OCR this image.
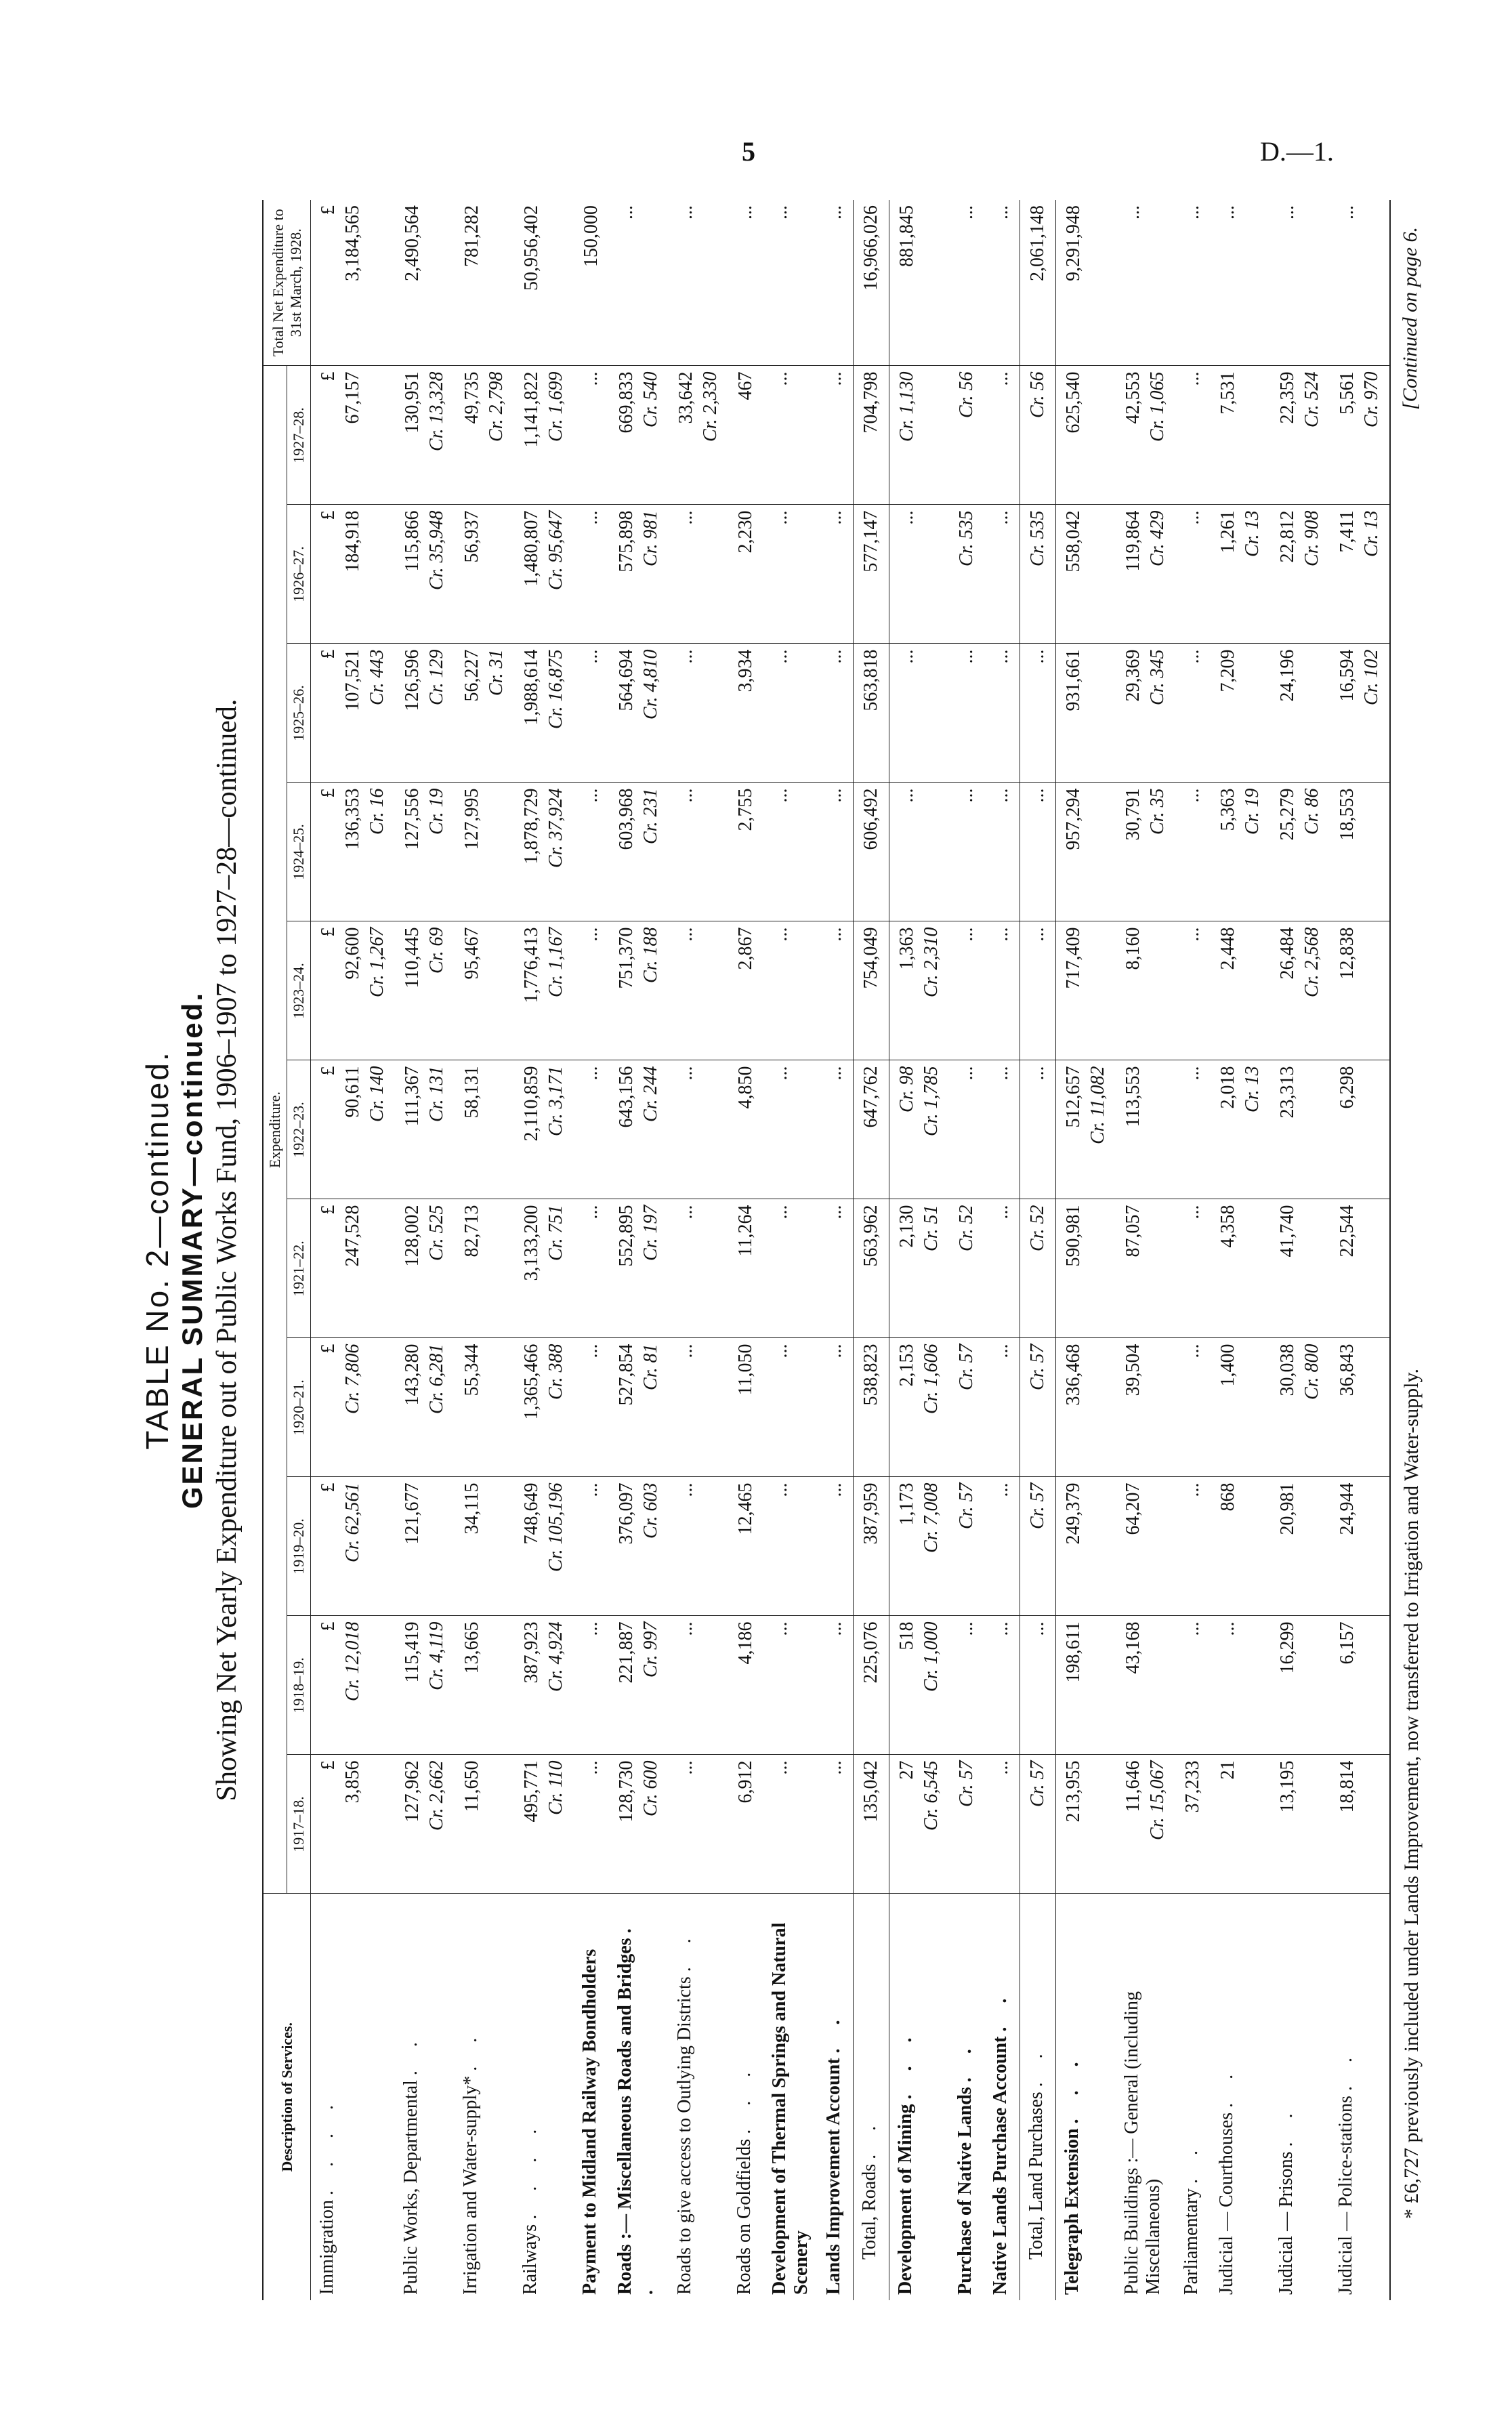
5	D.—1.
TABLE No. 2—continued. GENERAL SUMMARY—continued. Showing Net Yearly Expenditure out of Public Works Fund, 1906–1907 to 1927–28—continued.
Description of Services.	Expenditure.											Total Net Expenditure to 31st March, 1928.
	1917–18.	1918–19.	1919–20.	1920–21.	1921–22.	1922–23.	1923–24.	1924–25.	1925–26.	1926–27.	1927–28.	
Immigration . . . .	£ 3,856	£ Cr. 12,018	£ Cr. 62,561	£ Cr. 7,806	£ 247,528	£ 90,611 Cr. 140	£ 92,600 Cr. 1,267	£ 136,353 Cr. 16	£ 107,521 Cr. 443	£ 184,918	£ 67,157	£ 3,184,565

Public Works, Departmental . .	127,962 Cr. 2,662	115,419 Cr. 4,119	121,677	143,280 Cr. 6,281	128,002 Cr. 525	111,367 Cr. 131	110,445 Cr. 69	127,556 Cr. 19	126,596 Cr. 129	115,866 Cr. 35,948	130,951 Cr. 13,328	2,490,564

Irrigation and Water-supply* . .	11,650	13,665	34,115	55,344	82,713	58,131	95,467	127,995	56,227 Cr. 31	56,937	49,735 Cr. 2,798	781,282

Railways . . . .	495,771 Cr. 110	387,923 Cr. 4,924	748,649 Cr. 105,196	1,365,466 Cr. 388	3,133,200 Cr. 751	2,110,859 Cr. 3,171	1,776,413 Cr. 1,167	1,878,729 Cr. 37,924	1,988,614 Cr. 16,875	1,480,807 Cr. 95,647	1,141,822 Cr. 1,699	50,956,402

Payment to Midland Railway Bondholders	...	...	...	...	...	...	...	...	...	...	...	150,000

Roads :— Miscellaneous Roads and Bridges . .	128,730 Cr. 600	221,887 Cr. 997	376,097 Cr. 603	527,854 Cr. 81	552,895 Cr. 197	643,156 Cr. 244	751,370 Cr. 188	603,968 Cr. 231	564,694 Cr. 4,810	575,898 Cr. 981	669,833 Cr. 540	...

Roads to give access to Outlying Districts . .	...	...	...	...	...	...	...	...	...	...	33,642 Cr. 2,330	...

Roads on Goldfields . . .	6,912	4,186	12,465	11,050	11,264	4,850	2,867	2,755	3,934	2,230	467	...

Development of Thermal Springs and Natural Scenery	...	...	...	...	...	...	...	...	...	...	...	...

Lands Improvement Account . .	...	...	...	...	...	...	...	...	...	...	...	...

Total, Roads . .	135,042	225,076	387,959	538,823	563,962	647,762	754,049	606,492	563,818	577,147	704,798	16,966,026

Development of Mining . . .	27 Cr. 6,545	518 Cr. 1,000	1,173 Cr. 7,008	2,153 Cr. 1,606	2,130 Cr. 51	Cr. 98 Cr. 1,785	1,363 Cr. 2,310	...	...	...	Cr. 1,130	881,845

Purchase of Native Lands . .	Cr. 57	...	Cr. 57	Cr. 57	Cr. 52	...	...	...	...	Cr. 535	Cr. 56	...

Native Lands Purchase Account . .	...	...	...	...	...	...	...	...	...	...	...	...

Total, Land Purchases . .	Cr. 57	...	Cr. 57	Cr. 57	Cr. 52	...	...	...	...	Cr. 535	Cr. 56	2,061,148

Telegraph Extension . . .	213,955	198,611	249,379	336,468	590,981	512,657 Cr. 11,082	717,409	957,294	931,661	558,042	625,540	9,291,948

Public Buildings :— General (including Miscellaneous)	11,646 Cr. 15,067	43,168	64,207	39,504	87,057	113,553	8,160	30,791 Cr. 35	29,369 Cr. 345	119,864 Cr. 429	42,553 Cr. 1,065	...

Parliamentary . .	37,233	...	...	...	...	...	...	...	...	...	...	...

Judicial — Courthouses . .	21	...	868	1,400	4,358	2,018 Cr. 13	2,448	5,363 Cr. 19	7,209	1,261 Cr. 13	7,531	...

Judicial — Prisons . .	13,195	16,299	20,981	30,038 Cr. 800	41,740	23,313	26,484 Cr. 2,568	25,279 Cr. 86	24,196	22,812 Cr. 908	22,359 Cr. 524	...

Judicial — Police-stations . .	18,814	6,157	24,944	36,843	22,544	6,298	12,838	18,553	16,594 Cr. 102	7,411 Cr. 13	5,561 Cr. 970	...
* £6,727 previously included under Lands Improvement, now transferred to Irrigation and Water-supply.
[Continued on page 6.
